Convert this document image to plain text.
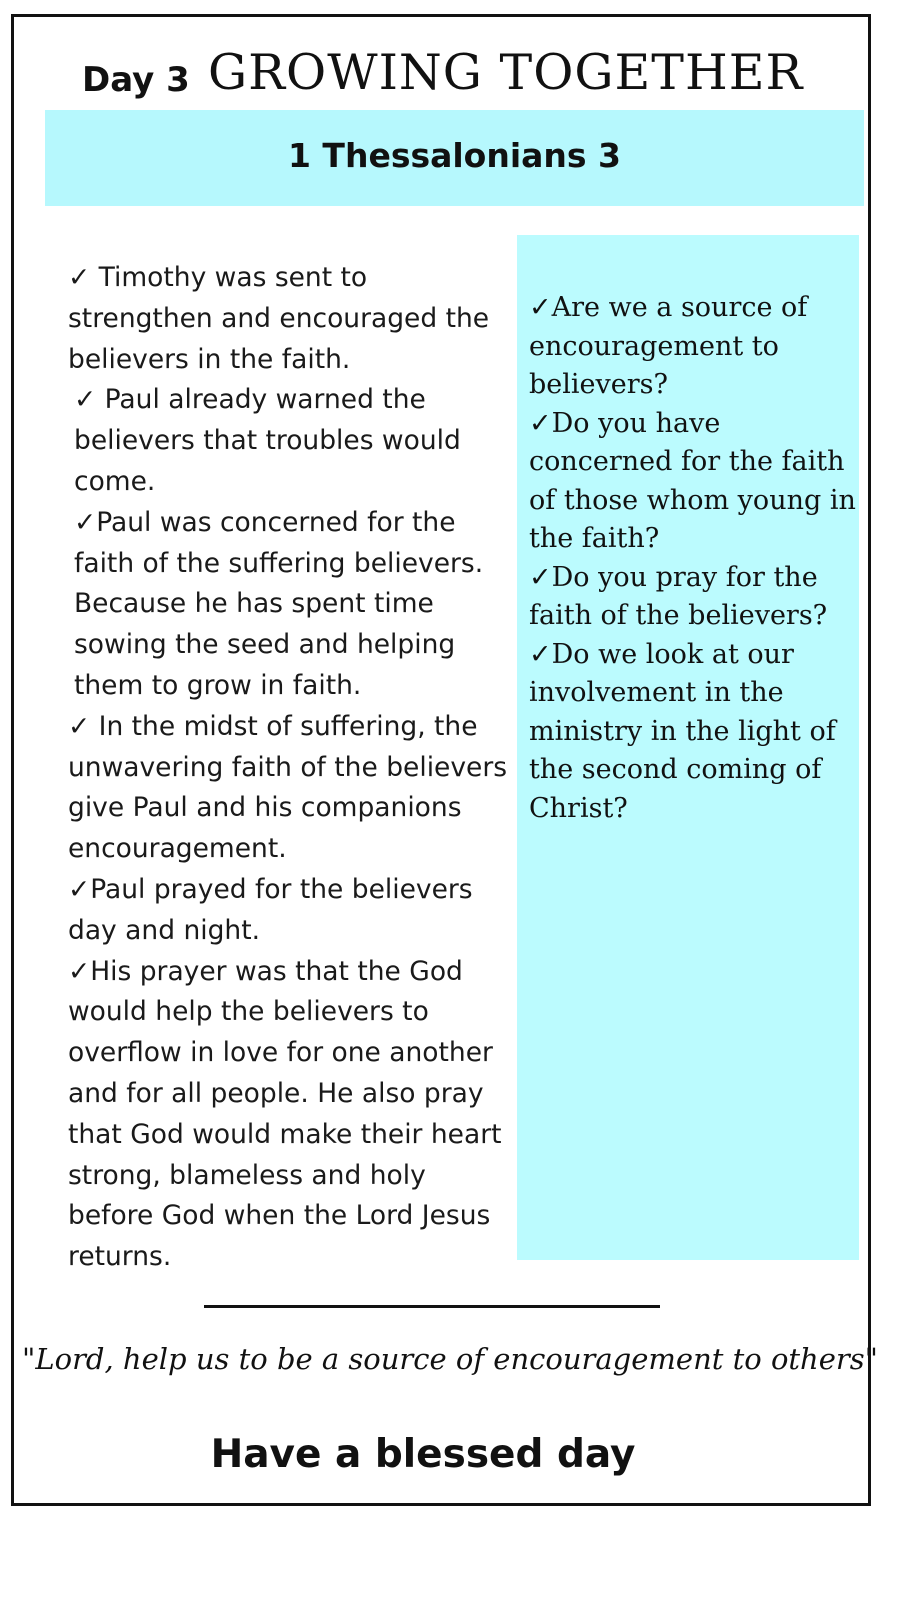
Day 3 GROWING TOGETHER
1 Thessalonians 3
✓ Timothy was sent to strengthen and encouraged the believers in the faith.
✓ Paul already warned the believers that troubles would come.
✓Paul was concerned for the faith of the suffering believers. Because he has spent time sowing the seed and helping them to grow in faith.
✓ In the midst of suffering, the unwavering faith of the believers give Paul and his companions encouragement.
✓Paul prayed for the believers day and night.
✓His prayer was that the God would help the believers to overflow in love for one another and for all people. He also pray that God would make their heart strong, blameless and holy before God when the Lord Jesus returns.
✓Are we a source of encouragement to believers?
✓Do you have concerned for the faith of those whom young in the faith?
✓Do you pray for the faith of the believers?
✓Do we look at our involvement in the ministry in the light of the second coming of Christ?
"Lord, help us to be a source of encouragement to others"
Have a blessed day
